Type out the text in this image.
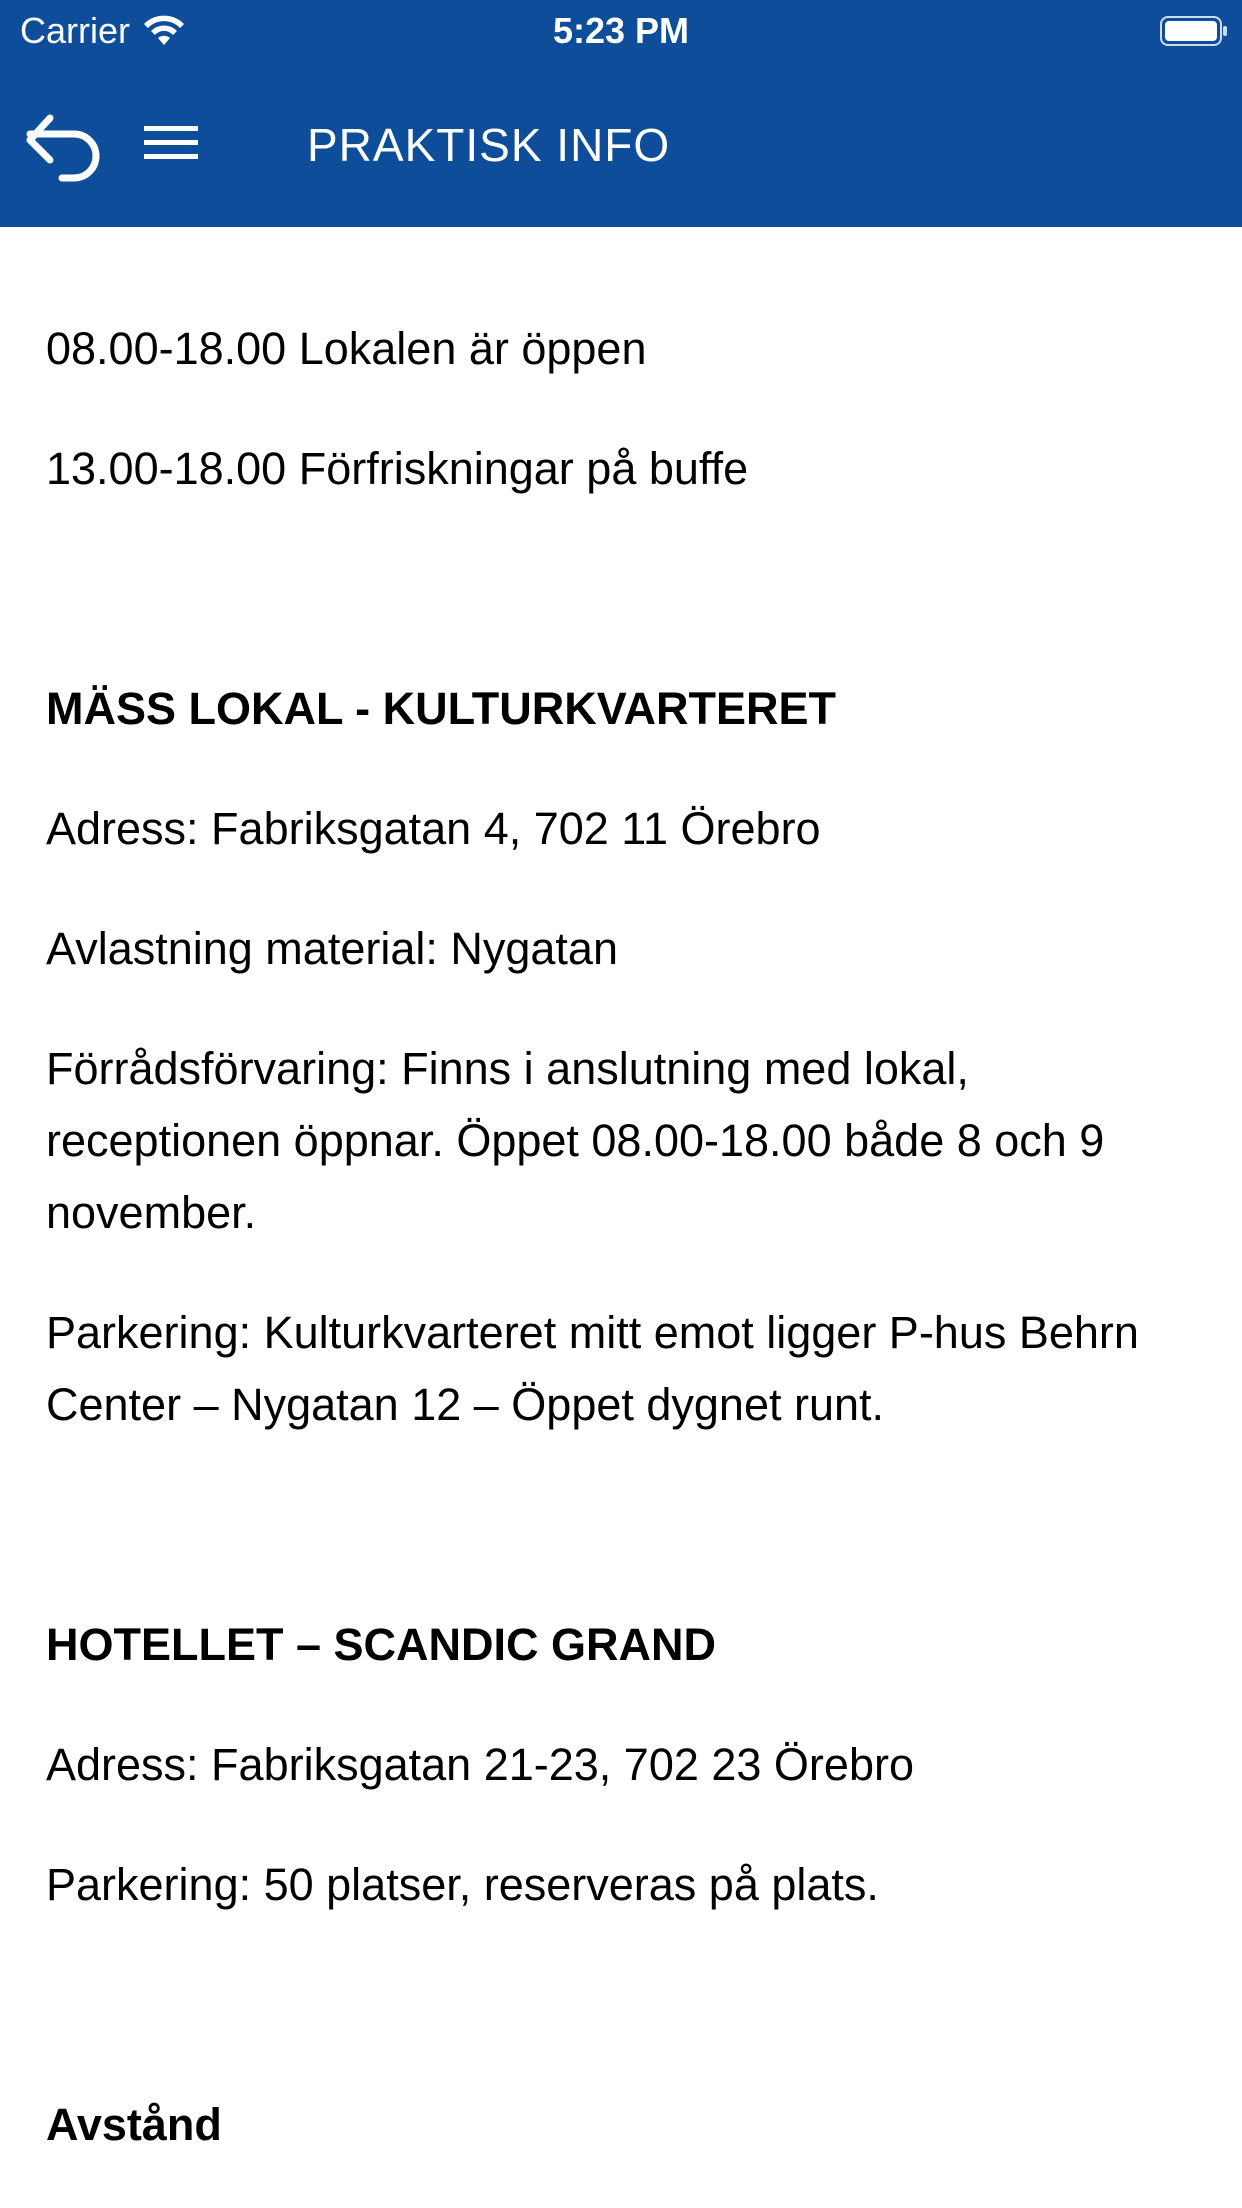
Carrier	5:23 PM
PRAKTISK INFO

08.00-18.00 Lokalen är öppen

13.00-18.00 Förfriskningar på buffe

MÄSS LOKAL - KULTURKVARTERET

Adress: Fabriksgatan 4, 702 11 Örebro

Avlastning material: Nygatan

Förrådsförvaring: Finns i anslutning med lokal, receptionen öppnar. Öppet 08.00-18.00 både 8 och 9 november.

Parkering: Kulturkvarteret mitt emot ligger P-hus Behrn Center – Nygatan 12 – Öppet dygnet runt.

HOTELLET – SCANDIC GRAND

Adress: Fabriksgatan 21-23, 702 23 Örebro

Parkering: 50 platser, reserveras på plats.

Avstånd
